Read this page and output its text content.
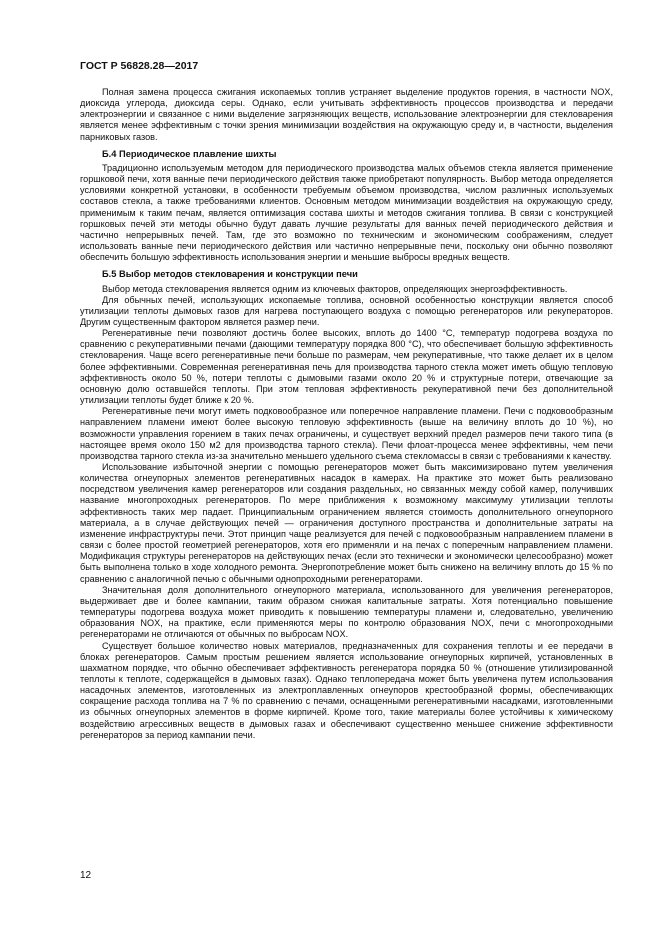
ГОСТ Р 56828.28—2017

Полная замена процесса сжигания ископаемых топлив устраняет выделение продуктов горения, в частности NOX, диоксида углерода, диоксида серы. Однако, если учитывать эффективность процессов производства и передачи электроэнергии и связанное с ними выделение загрязняющих веществ, использование электроэнергии для стекловарения является менее эффективным с точки зрения минимизации воздействия на окружающую среду и, в частности, выделения парниковых газов.

Б.4 Периодическое плавление шихты

Традиционно используемым методом для периодического производства малых объемов стекла является применение горшковой печи, хотя ванные печи периодического действия также приобретают популярность. Выбор метода определяется условиями конкретной установки, в особенности требуемым объемом производства, числом различных используемых составов стекла, а также требованиями клиентов. Основным методом минимизации воздействия на окружающую среду, применимым к таким печам, является оптимизация состава шихты и методов сжигания топлива. В связи с конструкцией горшковых печей эти методы обычно будут давать лучшие результаты для ванных печей периодического действия и частично непрерывных печей. Там, где это возможно по техническим и экономическим соображениям, следует использовать ванные печи периодического действия или частично непрерывные печи, поскольку они обычно позволяют обеспечить большую эффективность использования энергии и меньшие выбросы вредных веществ.

Б.5 Выбор методов стекловарения и конструкции печи

Выбор метода стекловарения является одним из ключевых факторов, определяющих энергоэффективность.

Для обычных печей, использующих ископаемые топлива, основной особенностью конструкции является способ утилизации теплоты дымовых газов для нагрева поступающего воздуха с помощью регенераторов или рекуператоров. Другим существенным фактором является размер печи.

Регенеративные печи позволяют достичь более высоких, вплоть до 1400 °C, температур подогрева воздуха по сравнению с рекуперативными печами (дающими температуру порядка 800 °C), что обеспечивает большую эффективность стекловарения. Чаще всего регенеративные печи больше по размерам, чем рекуперативные, что также делает их в целом более эффективными. Современная регенеративная печь для производства тарного стекла может иметь общую тепловую эффективность около 50 %, потери теплоты с дымовыми газами около 20 % и структурные потери, отвечающие за основную долю оставшейся теплоты. При этом тепловая эффективность рекуперативной печи без дополнительной утилизации теплоты будет ближе к 20 %.

Регенеративные печи могут иметь подковообразное или поперечное направление пламени. Печи с подковообразным направлением пламени имеют более высокую тепловую эффективность (выше на величину вплоть до 10 %), но возможности управления горением в таких печах ограничены, и существует верхний предел размеров печи такого типа (в настоящее время около 150 м2 для производства тарного стекла). Печи флоат-процесса менее эффективны, чем печи производства тарного стекла из-за значительно меньшего удельного съема стекломассы в связи с требованиями к качеству.

Использование избыточной энергии с помощью регенераторов может быть максимизировано путем увеличения количества огнеупорных элементов регенеративных насадок в камерах. На практике это может быть реализовано посредством увеличения камер регенераторов или создания раздельных, но связанных между собой камер, получивших название многопроходных регенераторов. По мере приближения к возможному максимуму утилизации теплоты эффективность таких мер падает. Принципиальным ограничением является стоимость дополнительного огнеупорного материала, а в случае действующих печей — ограничения доступного пространства и дополнительные затраты на изменение инфраструктуры печи. Этот принцип чаще реализуется для печей с подковообразным направлением пламени в связи с более простой геометрией регенераторов, хотя его применяли и на печах с поперечным направлением пламени. Модификация структуры регенераторов на действующих печах (если это технически и экономически целесообразно) может быть выполнена только в ходе холодного ремонта. Энергопотребление может быть снижено на величину вплоть до 15 % по сравнению с аналогичной печью с обычными однопроходными регенераторами.

Значительная доля дополнительного огнеупорного материала, использованного для увеличения регенераторов, выдерживает две и более кампании, таким образом снижая капитальные затраты. Хотя потенциально повышение температуры подогрева воздуха может приводить к повышению температуры пламени и, следовательно, увеличению образования NOX, на практике, если применяются меры по контролю образования NOX, печи с многопроходными регенераторами не отличаются от обычных по выбросам NOX.

Существует большое количество новых материалов, предназначенных для сохранения теплоты и ее передачи в блоках регенераторов. Самым простым решением является использование огнеупорных кирпичей, установленных в шахматном порядке, что обычно обеспечивает эффективность регенератора порядка 50 % (отношение утилизированной теплоты к теплоте, содержащейся в дымовых газах). Однако теплопередача может быть увеличена путем использования насадочных элементов, изготовленных из электроплавленных огнеупоров крестообразной формы, обеспечивающих сокращение расхода топлива на 7 % по сравнению с печами, оснащенными регенеративными насадками, изготовленными из обычных огнеупорных элементов в форме кирпичей. Кроме того, такие материалы более устойчивы к химическому воздействию агрессивных веществ в дымовых газах и обеспечивают существенно меньшее снижение эффективности регенераторов за период кампании печи.

12
